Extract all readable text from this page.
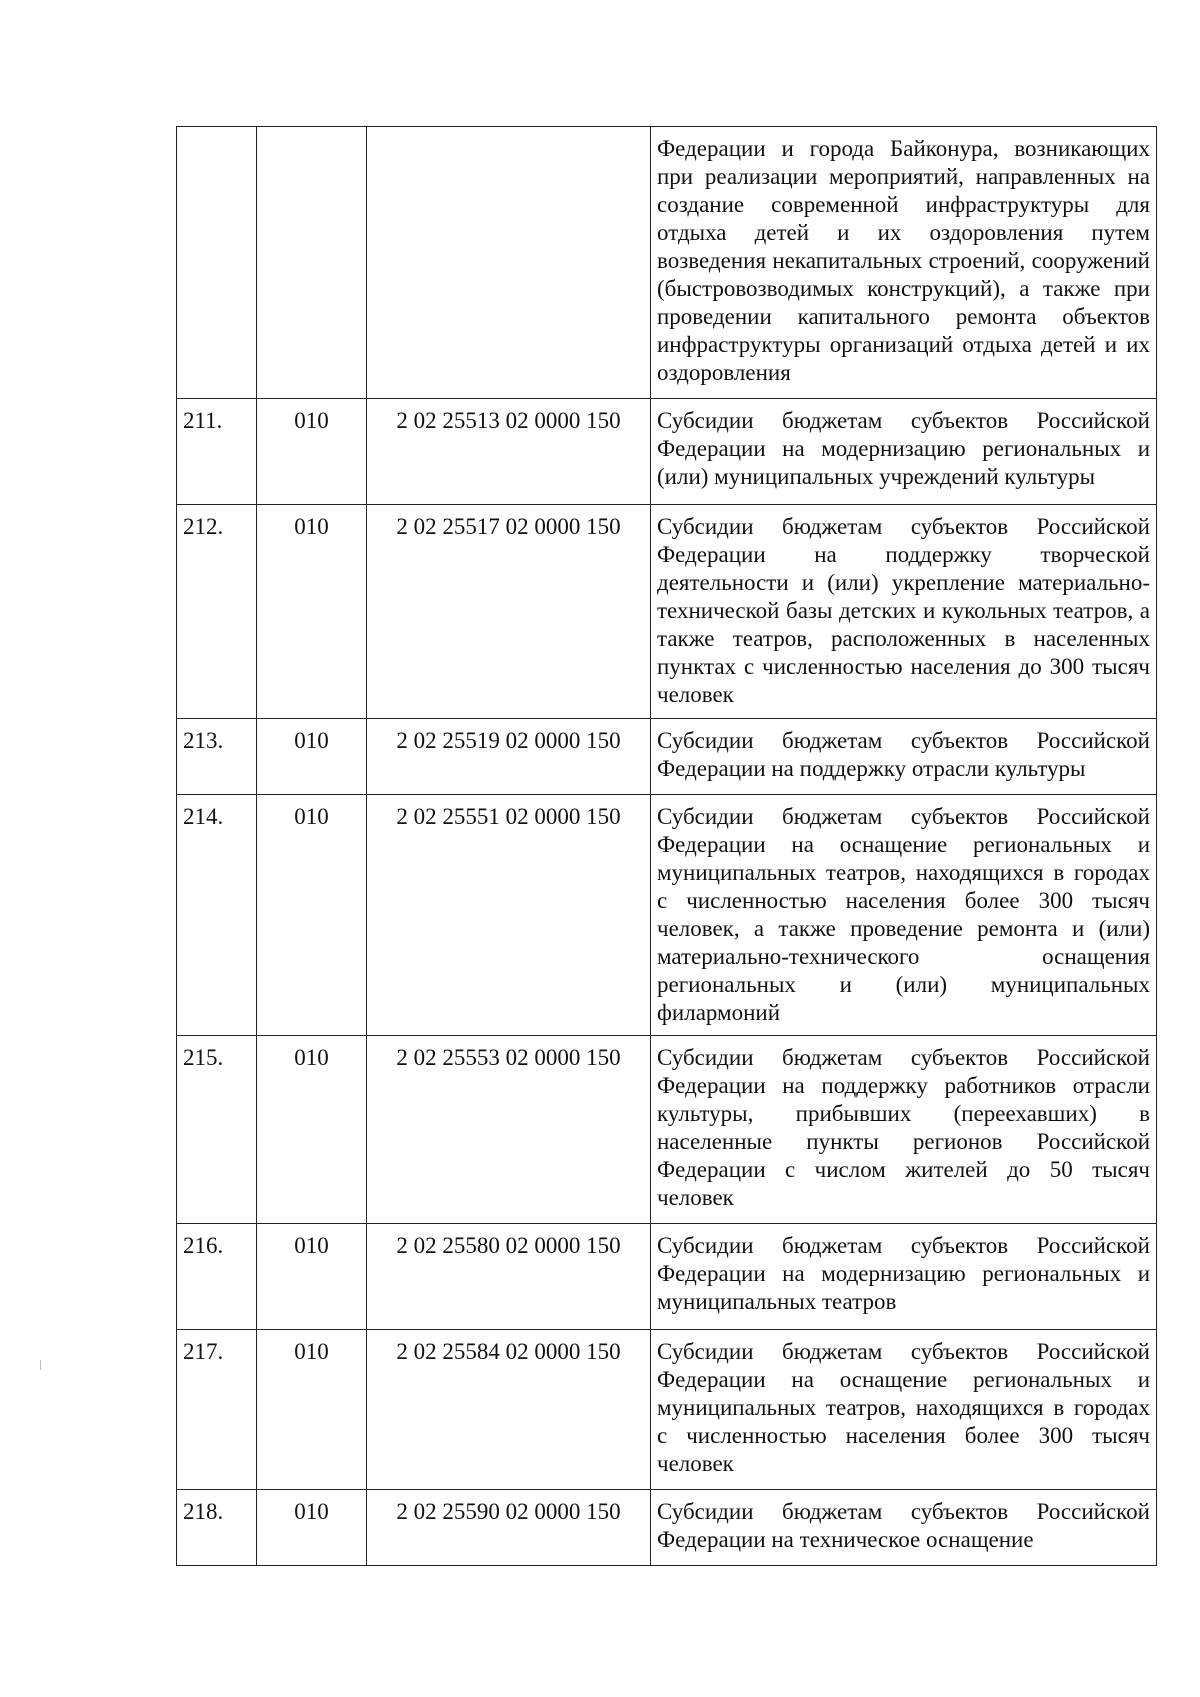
			Федерации и города Байконура, возникающих при реализации мероприятий, направленных на создание современной инфраструктуры для отдыха детей и их оздоровления путем возведения некапитальных строений, сооружений (быстровозводимых конструкций), а также при проведении капитального ремонта объектов инфраструктуры организаций отдыха детей и их оздоровления
211.	010	2 02 25513 02 0000 150	Субсидии бюджетам субъектов Российской Федерации на модернизацию региональных и (или) муниципальных учреждений культуры
212.	010	2 02 25517 02 0000 150	Субсидии бюджетам субъектов Российской Федерации на поддержку творческой деятельности и (или) укрепление материально-технической базы детских и кукольных театров, а также театров, расположенных в населенных пунктах с численностью населения до 300 тысяч человек
213.	010	2 02 25519 02 0000 150	Субсидии бюджетам субъектов Российской Федерации на поддержку отрасли культуры
214.	010	2 02 25551 02 0000 150	Субсидии бюджетам субъектов Российской Федерации на оснащение региональных и муниципальных театров, находящихся в городах с численностью населения более 300 тысяч человек, а также проведение ремонта и (или) материально-технического оснащения региональных и (или) муниципальных филармоний
215.	010	2 02 25553 02 0000 150	Субсидии бюджетам субъектов Российской Федерации на поддержку работников отрасли культуры, прибывших (переехавших) в населенные пункты регионов Российской Федерации с числом жителей до 50 тысяч человек
216.	010	2 02 25580 02 0000 150	Субсидии бюджетам субъектов Российской Федерации на модернизацию региональных и муниципальных театров
217.	010	2 02 25584 02 0000 150	Субсидии бюджетам субъектов Российской Федерации на оснащение региональных и муниципальных театров, находящихся в городах с численностью населения более 300 тысяч человек
218.	010	2 02 25590 02 0000 150	Субсидии бюджетам субъектов Российской Федерации на техническое оснащение
